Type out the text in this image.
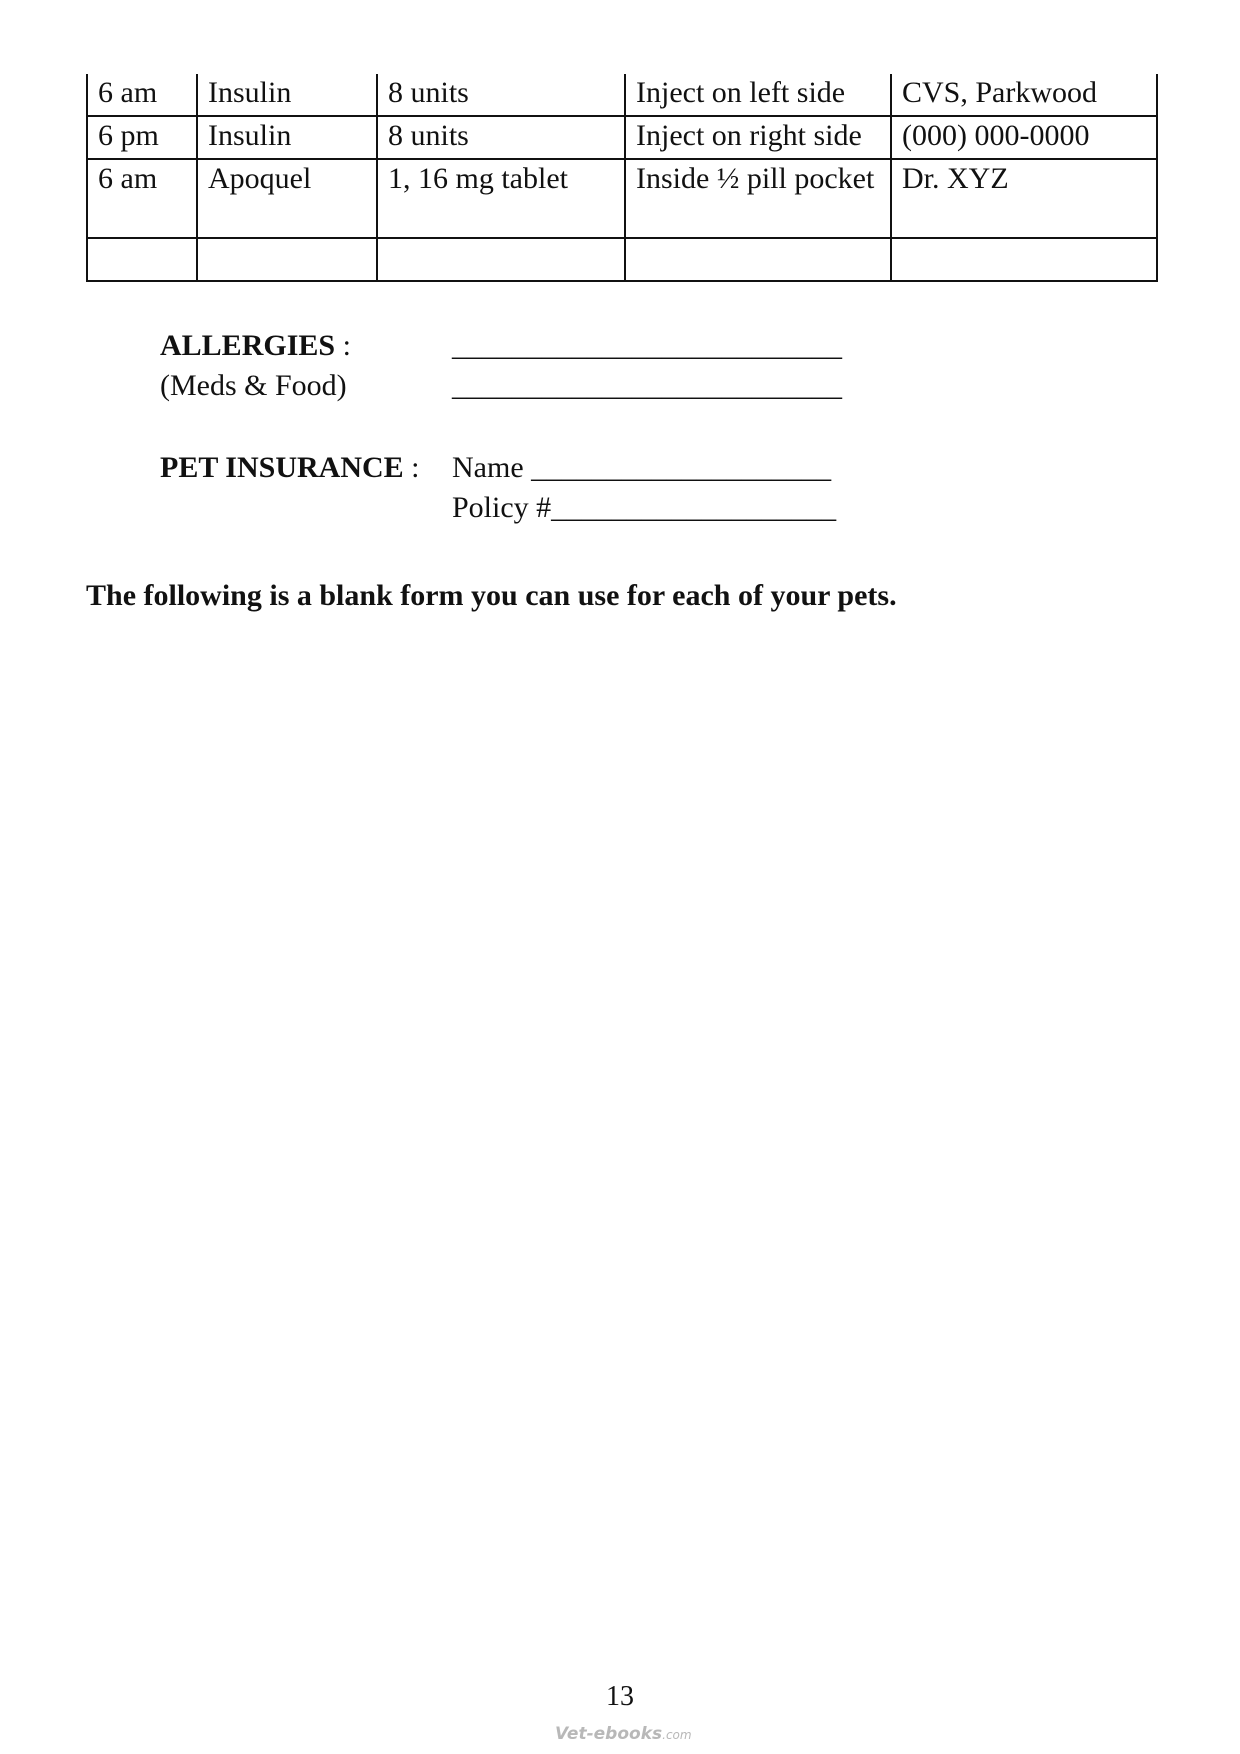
6 am	Insulin	8 units	Inject on left side	CVS, Parkwood
6 pm	Insulin	8 units	Inject on right side	(000) 000-0000
6 am	Apoquel	1, 16 mg tablet	Inside ½ pill pocket	Dr. XYZ

ALLERGIES :
(Meds & Food)
__________________________
__________________________
PET INSURANCE : Name ____________________
Policy #___________________
The following is a blank form you can use for each of your pets.
13
Vet-ebooks.com
